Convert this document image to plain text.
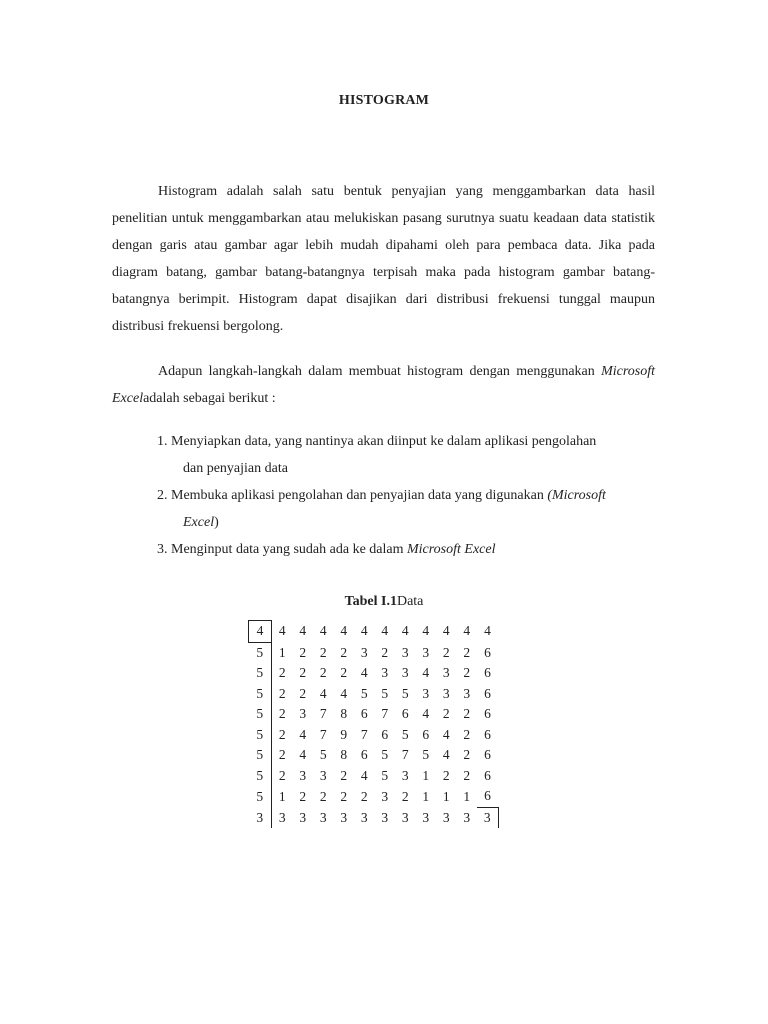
HISTOGRAM

Histogram adalah salah satu bentuk penyajian yang menggambarkan data hasil penelitian untuk menggambarkan atau melukiskan pasang surutnya suatu keadaan data statistik dengan garis atau gambar agar lebih mudah dipahami oleh para pembaca data. Jika pada diagram batang, gambar batang-batangnya terpisah maka pada histogram gambar batang-batangnya berimpit. Histogram dapat disajikan dari distribusi frekuensi tunggal maupun distribusi frekuensi bergolong.

Adapun langkah-langkah dalam membuat histogram dengan menggunakan Microsoft Exceladalah sebagai berikut :

1. Menyiapkan data, yang nantinya akan diinput ke dalam aplikasi pengolahan
dan penyajian data

2. Membuka aplikasi pengolahan dan penyajian data yang digunakan (Microsoft
Excel)

3. Menginput data yang sudah ada ke dalam Microsoft Excel

Tabel I.1Data
4	4	4	4	4	4	4	4	4	4	4	4
5	1	2	2	2	3	2	3	3	2	2	6
5	2	2	2	2	4	3	3	4	3	2	6
5	2	2	4	4	5	5	5	3	3	3	6
5	2	3	7	8	6	7	6	4	2	2	6
5	2	4	7	9	7	6	5	6	4	2	6
5	2	4	5	8	6	5	7	5	4	2	6
5	2	3	3	2	4	5	3	1	2	2	6
5	1	2	2	2	2	3	2	1	1	1	6
3	3	3	3	3	3	3	3	3	3	3	3
